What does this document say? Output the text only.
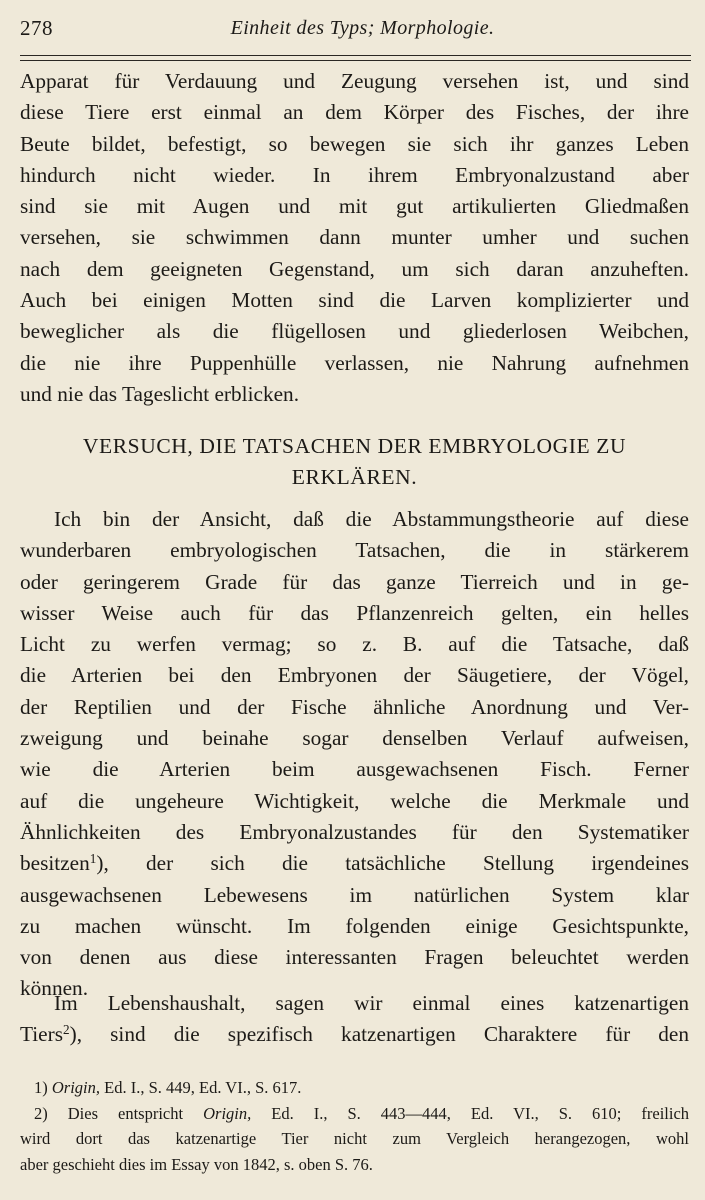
278	Einheit des Typs; Morphologie.
Apparat für Verdauung und Zeugung versehen ist, und sind
diese Tiere erst einmal an dem Körper des Fisches, der ihre
Beute bildet, befestigt, so bewegen sie sich ihr ganzes Leben
hindurch nicht wieder. In ihrem Embryonalzustand aber
sind sie mit Augen und mit gut artikulierten Gliedmaßen
versehen, sie schwimmen dann munter umher und suchen
nach dem geeigneten Gegenstand, um sich daran anzuheften.
Auch bei einigen Motten sind die Larven komplizierter und
beweglicher als die flügellosen und gliederlosen Weibchen,
die nie ihre Puppenhülle verlassen, nie Nahrung aufnehmen
und nie das Tageslicht erblicken.
VERSUCH, DIE TATSACHEN DER EMBRYOLOGIE ZU
ERKLÄREN.
Ich bin der Ansicht, daß die Abstammungstheorie auf diese
wunderbaren embryologischen Tatsachen, die in stärkerem
oder geringerem Grade für das ganze Tierreich und in ge-
wisser Weise auch für das Pflanzenreich gelten, ein helles
Licht zu werfen vermag; so z. B. auf die Tatsache, daß
die Arterien bei den Embryonen der Säugetiere, der Vögel,
der Reptilien und der Fische ähnliche Anordnung und Ver-
zweigung und beinahe sogar denselben Verlauf aufweisen,
wie die Arterien beim ausgewachsenen Fisch. Ferner
auf die ungeheure Wichtigkeit, welche die Merkmale und
Ähnlichkeiten des Embryonalzustandes für den Systematiker
besitzen$^1$), der sich die tatsächliche Stellung irgendeines
ausgewachsenen Lebewesens im natürlichen System klar
zu machen wünscht. Im folgenden einige Gesichtspunkte,
von denen aus diese interessanten Fragen beleuchtet werden
können.
Im Lebenshaushalt, sagen wir einmal eines katzenartigen
Tiers$^2$), sind die spezifisch katzenartigen Charaktere für den
1) Origin, Ed. I., S. 449, Ed. VI., S. 617.
2) Dies entspricht Origin, Ed. I., S. 443—444, Ed. VI., S. 610; freilich
wird dort das katzenartige Tier nicht zum Vergleich herangezogen, wohl
aber geschieht dies im Essay von 1842, s. oben S. 76.
